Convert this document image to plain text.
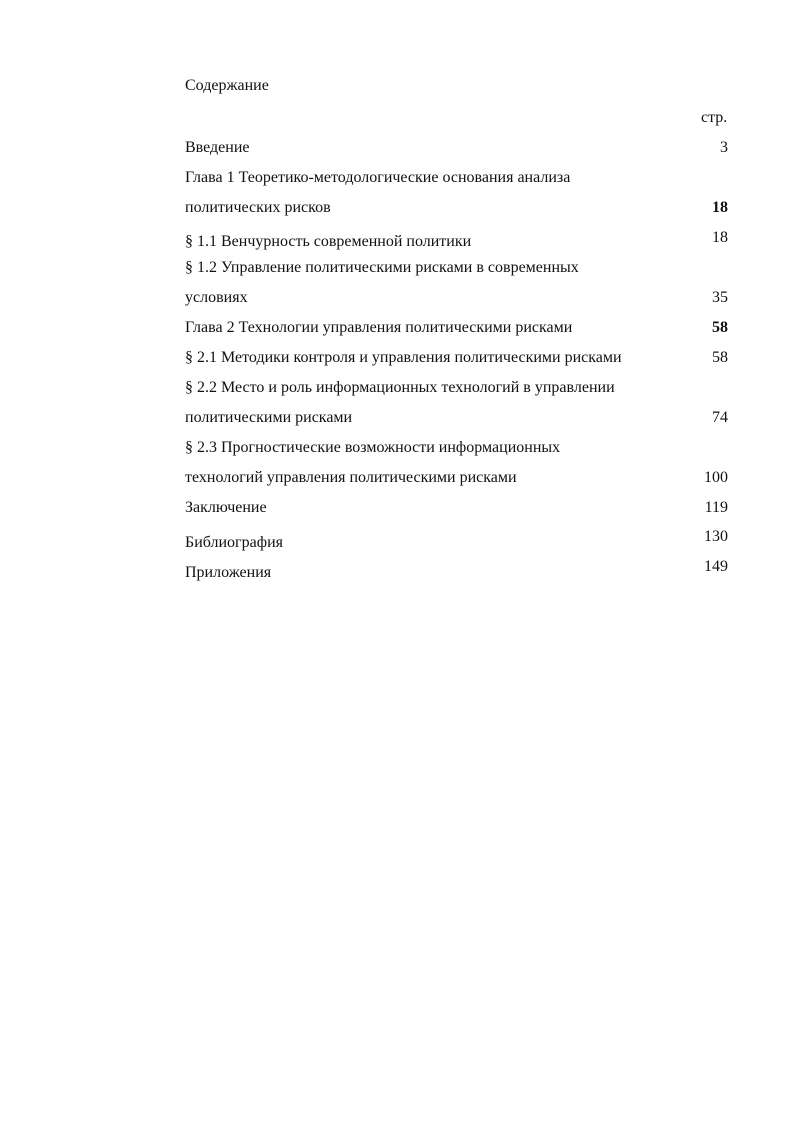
Содержание
стр.
Введение	3
Глава 1 Теоретико-методологические основания анализа
политических рисков	18
§ 1.1 Венчурность современной политики	18
§ 1.2 Управление политическими рисками в современных
условиях	35
Глава 2 Технологии управления политическими рисками	58
§ 2.1 Методики контроля и управления политическими рисками	58
§ 2.2 Место и роль информационных технологий в управлении
политическими рисками	74
§ 2.3 Прогностические возможности информационных
технологий управления политическими рисками	100
Заключение	119
Библиография	130
Приложения	149
